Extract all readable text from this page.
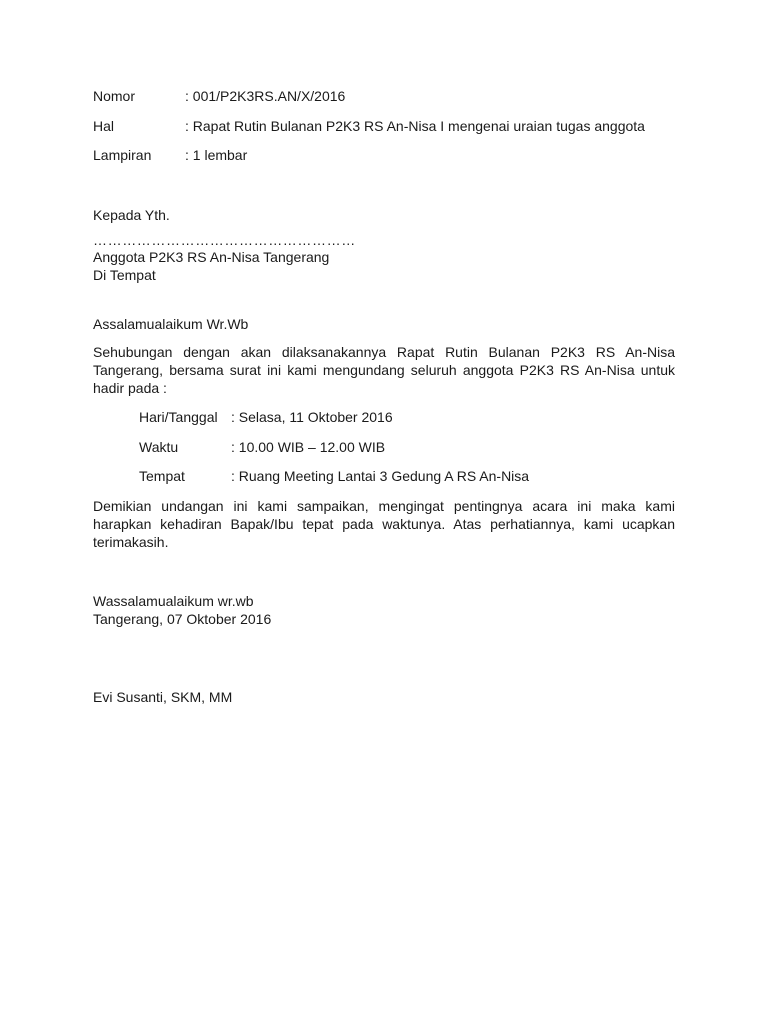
Nomor	: 001/P2K3RS.AN/X/2016
Hal	: Rapat Rutin Bulanan P2K3 RS An-Nisa I mengenai uraian tugas anggota
Lampiran : 1 lembar
Kepada Yth.
………………………………………………
Anggota P2K3 RS An-Nisa Tangerang
Di Tempat
Assalamualaikum Wr.Wb
Sehubungan dengan akan dilaksanakannya Rapat Rutin Bulanan P2K3 RS An-Nisa
Tangerang, bersama surat ini kami mengundang seluruh anggota P2K3 RS An-Nisa untuk
hadir pada :
Hari/Tanggal : Selasa, 11 Oktober 2016
Waktu	: 10.00 WIB – 12.00 WIB
Tempat	: Ruang Meeting Lantai 3 Gedung A RS An-Nisa
Demikian undangan ini kami sampaikan, mengingat pentingnya acara ini maka kami
harapkan kehadiran Bapak/Ibu tepat pada waktunya. Atas perhatiannya, kami ucapkan
terimakasih.
Wassalamualaikum wr.wb
Tangerang, 07 Oktober 2016
Evi Susanti, SKM, MM
